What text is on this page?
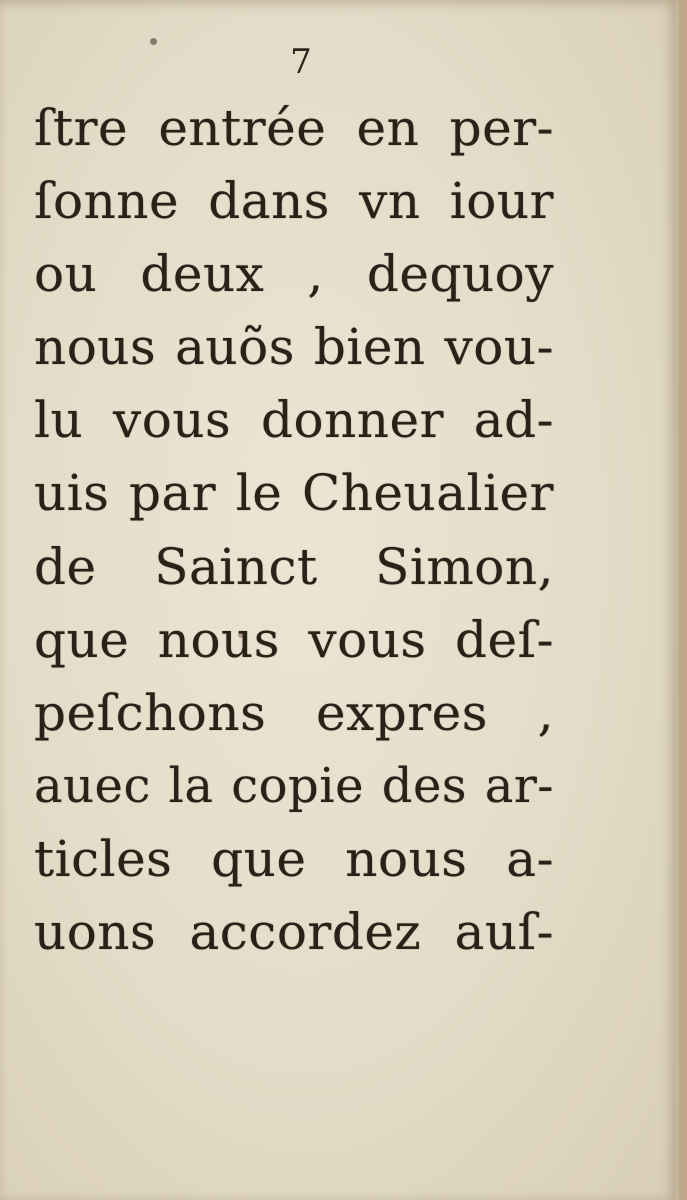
7
ſtre entrée en per-
ſonne dans vn iour
ou deux , dequoy
nous auõs bien vou-
lu vous donner ad-
uis par le Cheualier
de Sainct Simon,
que nous vous deſ-
peſchons expres ,
auec la copie des ar-
ticles que nous a-
uons accordez auſ-
